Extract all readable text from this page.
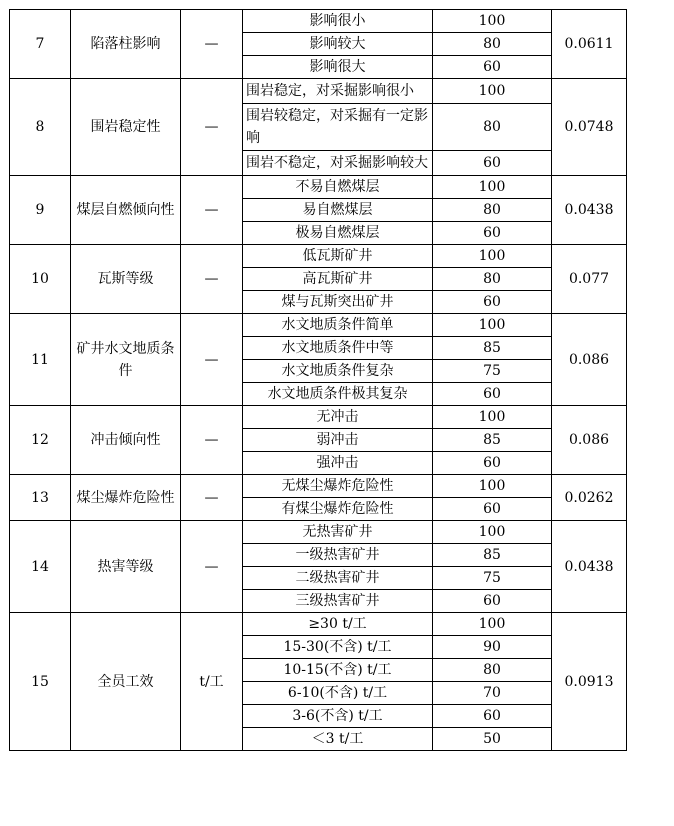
7	陷落柱影响	—	影响很小	100	0.0611
			影响较大	80	
			影响很大	60	
8	围岩稳定性	—	围岩稳定，对采掘影响很小	100	0.0748
			围岩较稳定，对采掘有一定影响	80	
			围岩不稳定，对采掘影响较大	60	
9	煤层自燃倾向性	—	不易自燃煤层	100	0.0438
			易自燃煤层	80	
			极易自燃煤层	60	
10	瓦斯等级	—	低瓦斯矿井	100	0.077
			高瓦斯矿井	80	
			煤与瓦斯突出矿井	60	
11	矿井水文地质条件	—	水文地质条件简单	100	0.086
			水文地质条件中等	85	
			水文地质条件复杂	75	
			水文地质条件极其复杂	60	
12	冲击倾向性	—	无冲击	100	0.086
			弱冲击	85	
			强冲击	60	
13	煤尘爆炸危险性	—	无煤尘爆炸危险性	100	0.0262
			有煤尘爆炸危险性	60	
14	热害等级	—	无热害矿井	100	0.0438
			一级热害矿井	85	
			二级热害矿井	75	
			三级热害矿井	60	
15	全员工效	t/工	≥30 t/工	100	0.0913
			15-30(不含) t/工	90	
			10-15(不含) t/工	80	
			6-10(不含) t/工	70	
			3-6(不含) t/工	60	
			＜3 t/工	50	
